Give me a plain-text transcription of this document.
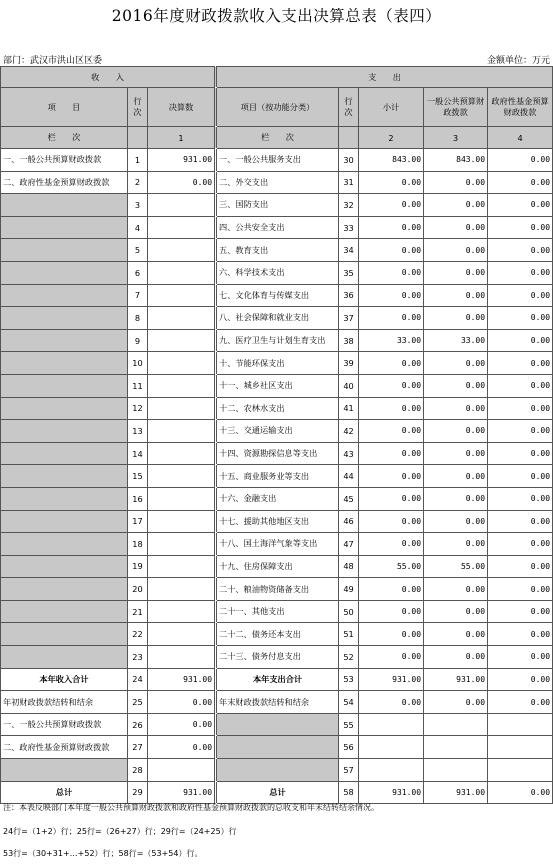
2016年度财政拨款收入支出决算总表（表四）
部门：武汉市洪山区区委	金额单位：万元
收　　入				支　　出				
项　　目	行次	决算数		项目（按功能分类）	行次	小计	一般公共预算财政拨款	政府性基金预算财政拨款
栏　　次		1		栏　　次		2	3	4
一、一般公共预算财政拨款	1	931.00		一、一般公共服务支出	30	843.00	843.00	0.00
二、政府性基金预算财政拨款	2	0.00		二、外交支出	31	0.00	0.00	0.00
	3			三、国防支出	32	0.00	0.00	0.00
	4			四、公共安全支出	33	0.00	0.00	0.00
	5			五、教育支出	34	0.00	0.00	0.00
	6			六、科学技术支出	35	0.00	0.00	0.00
	7			七、文化体育与传媒支出	36	0.00	0.00	0.00
	8			八、社会保障和就业支出	37	0.00	0.00	0.00
	9			九、医疗卫生与计划生育支出	38	33.00	33.00	0.00
	10			十、节能环保支出	39	0.00	0.00	0.00
	11			十一、城乡社区支出	40	0.00	0.00	0.00
	12			十二、农林水支出	41	0.00	0.00	0.00
	13			十三、交通运输支出	42	0.00	0.00	0.00
	14			十四、资源勘探信息等支出	43	0.00	0.00	0.00
	15			十五、商业服务业等支出	44	0.00	0.00	0.00
	16			十六、金融支出	45	0.00	0.00	0.00
	17			十七、援助其他地区支出	46	0.00	0.00	0.00
	18			十八、国土海洋气象等支出	47	0.00	0.00	0.00
	19			十九、住房保障支出	48	55.00	55.00	0.00
	20			二十、粮油物资储备支出	49	0.00	0.00	0.00
	21			二十一、其他支出	50	0.00	0.00	0.00
	22			二十二、债务还本支出	51	0.00	0.00	0.00
	23			二十三、债务付息支出	52	0.00	0.00	0.00
本年收入合计	24	931.00		本年支出合计	53	931.00	931.00	0.00
年初财政拨款结转和结余	25	0.00		年末财政拨款结转和结余	54	0.00	0.00	0.00
一、一般公共预算财政拨款	26	0.00			55			
二、政府性基金预算财政拨款	27	0.00			56			
	28				57			
总计	29	931.00		总计	58	931.00	931.00	0.00
注：本表反映部门本年度一般公共预算财政拨款和政府性基金预算财政拨款的总收支和年末结转结余情况。
24行=（1+2）行；25行=（26+27）行；29行=（24+25）行
53行=（30+31+…+52）行；58行=（53+54）行。
